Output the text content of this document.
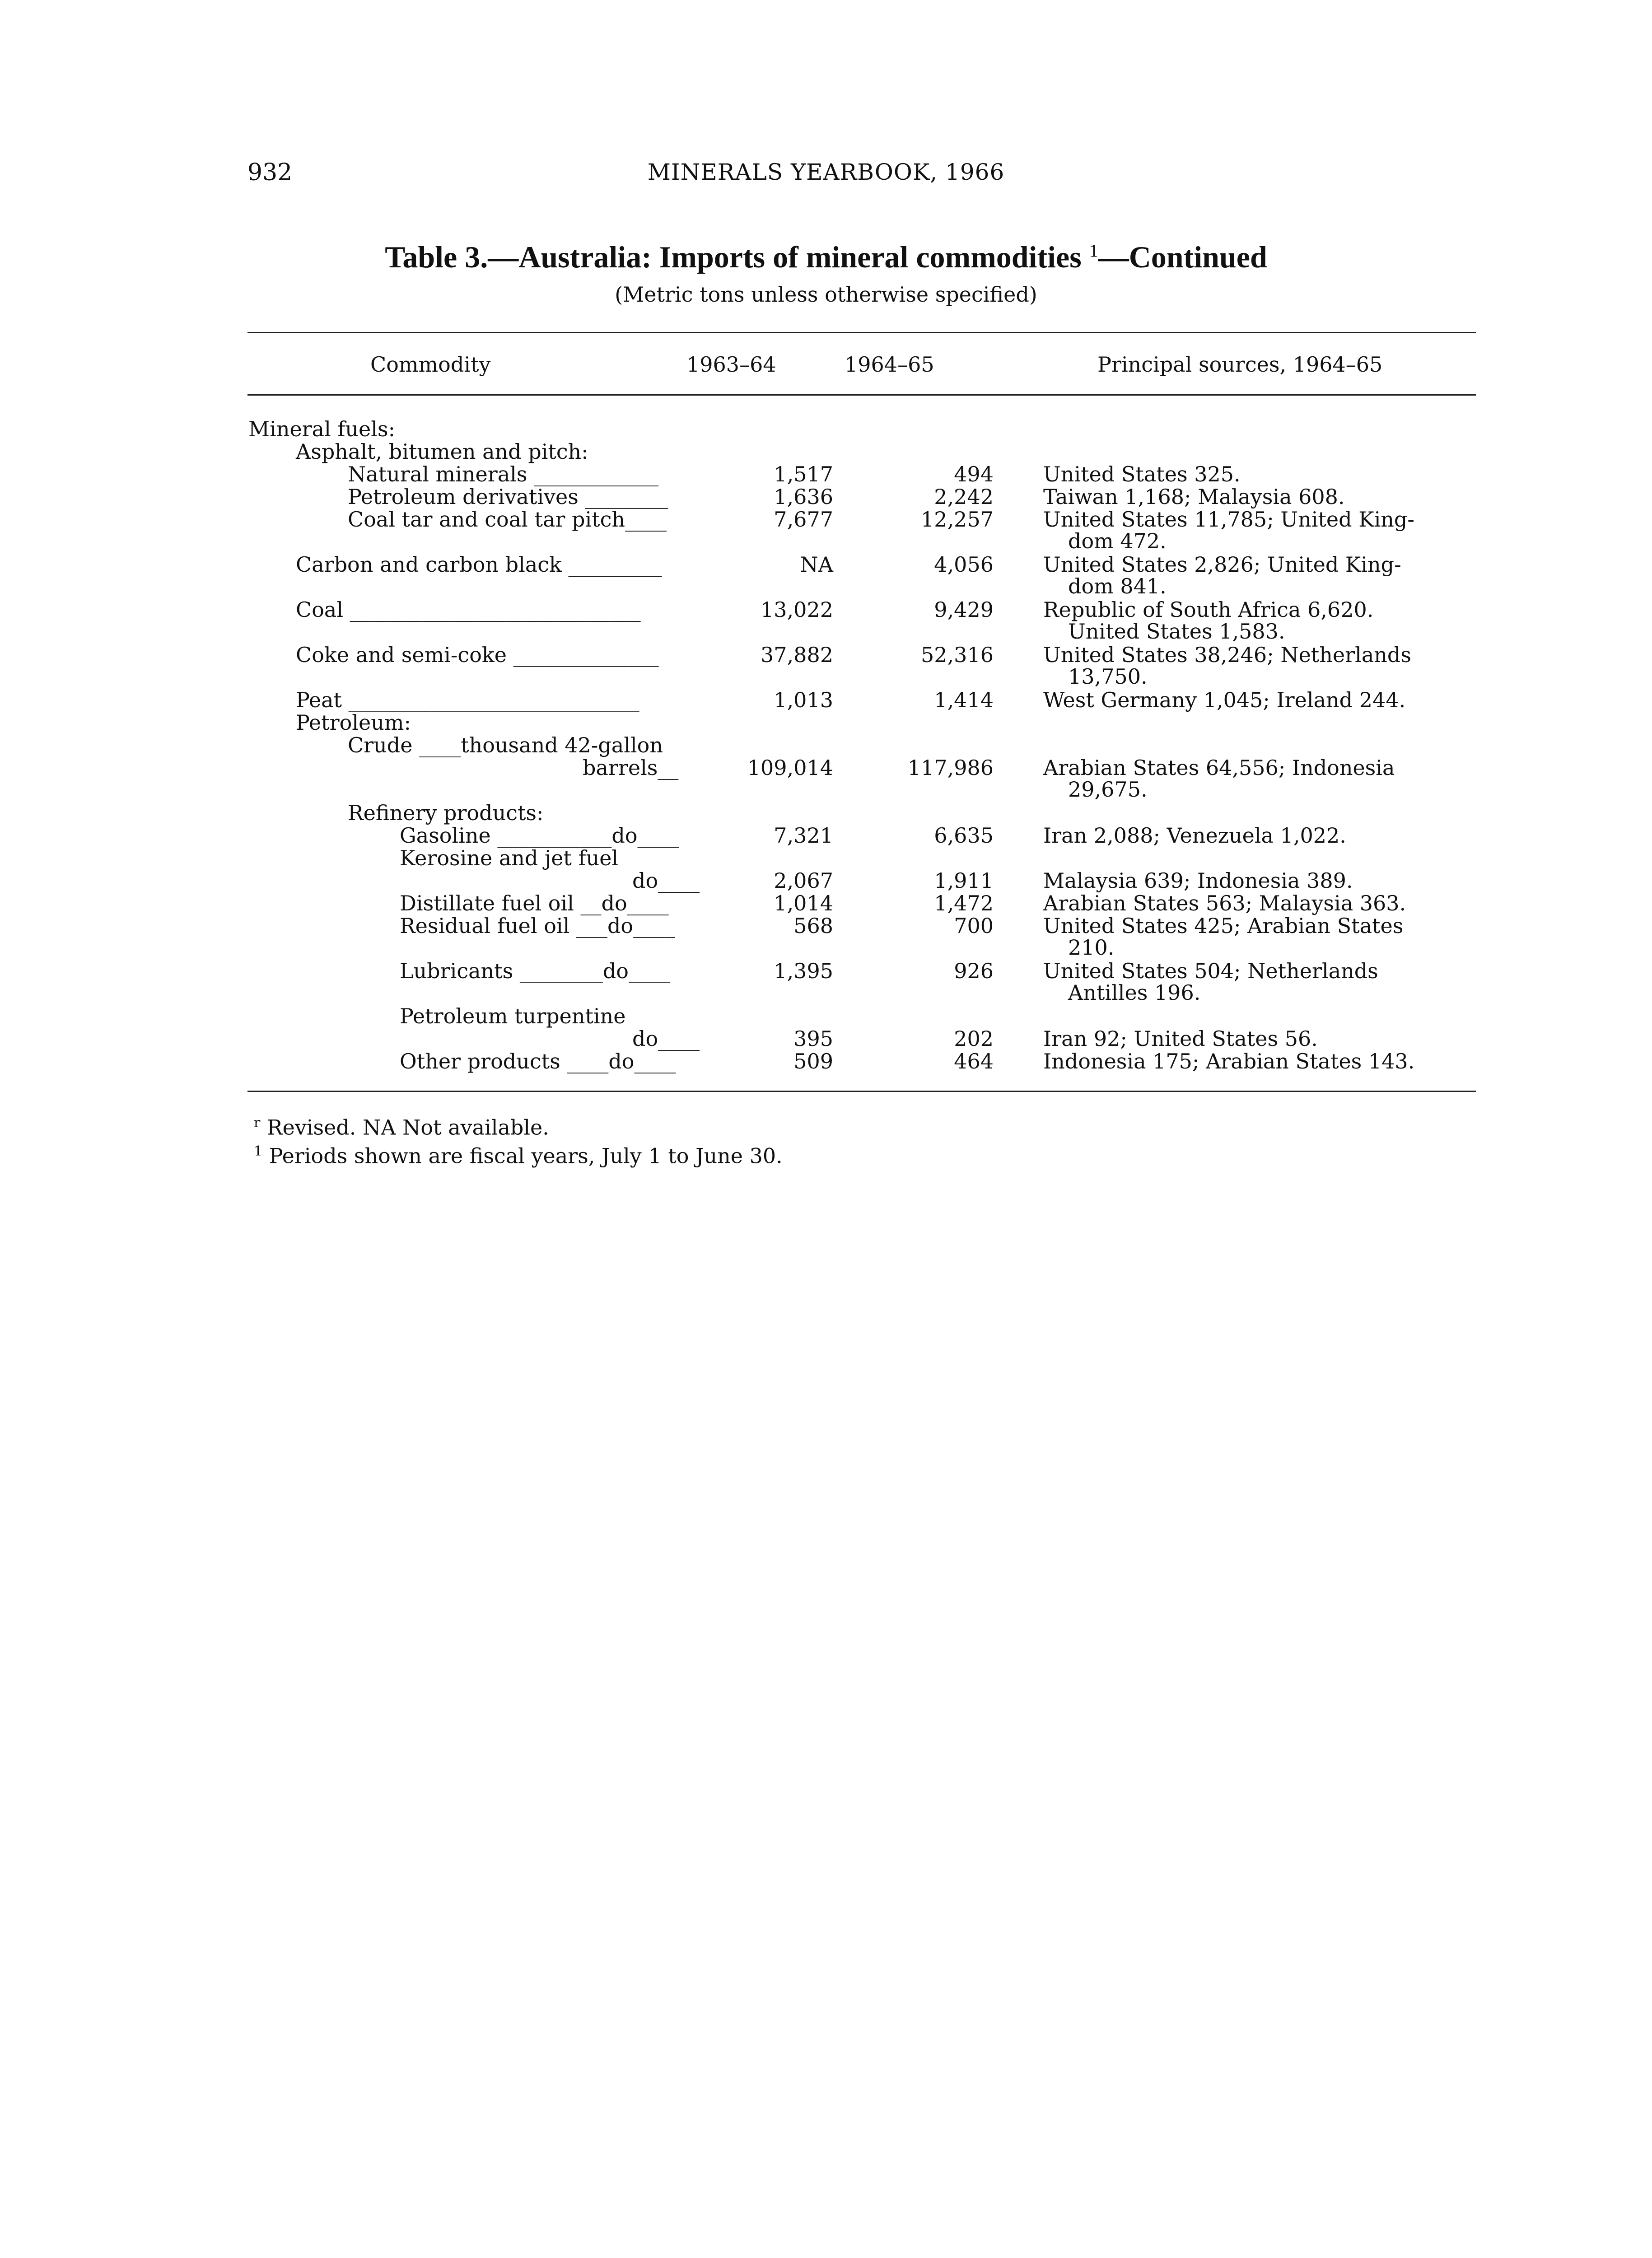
932	MINERALS YEARBOOK, 1966
Table 3.—Australia: Imports of mineral commodities $^1$—Continued
(Metric tons unless otherwise specified)
Commodity	1963–64	1964–65	Principal sources, 1964–65
Mineral fuels:
Asphalt, bitumen and pitch:
Natural minerals ____________	1,517	494 United States 325.
Petroleum derivatives ________	1,636	2,242 Taiwan 1,168; Malaysia 608.
Coal tar and coal tar pitch____	7,677	12,257 United States 11,785; United King-
dom 472.
Carbon and carbon black _________	NA	4,056 United States 2,826; United King-
dom 841.
Coal ____________________________	13,022	9,429 Republic of South Africa 6,620.
United States 1,583.
Coke and semi-coke ______________	37,882	52,316 United States 38,246; Netherlands
13,750.
Peat ____________________________	1,013	1,414 West Germany 1,045; Ireland 244.
Petroleum:
Crude ____thousand 42-gallon
barrels__	109,014	117,986 Arabian States 64,556; Indonesia
29,675.
Refinery products:
Gasoline ___________do____	7,321	6,635 Iran 2,088; Venezuela 1,022.
Kerosine and jet fuel
do____	2,067	1,911 Malaysia 639; Indonesia 389.
Distillate fuel oil __do____	1,014	1,472 Arabian States 563; Malaysia 363.
Residual fuel oil ___do____	568	700 United States 425; Arabian States
210.
Lubricants ________do____	1,395	926 United States 504; Netherlands
Antilles 196.
Petroleum turpentine
do____	395	202 Iran 92; United States 56.
Other products ____do____	509	464 Indonesia 175; Arabian States 143.
$^r$ Revised. NA Not available.
$^1$ Periods shown are fiscal years, July 1 to June 30.
